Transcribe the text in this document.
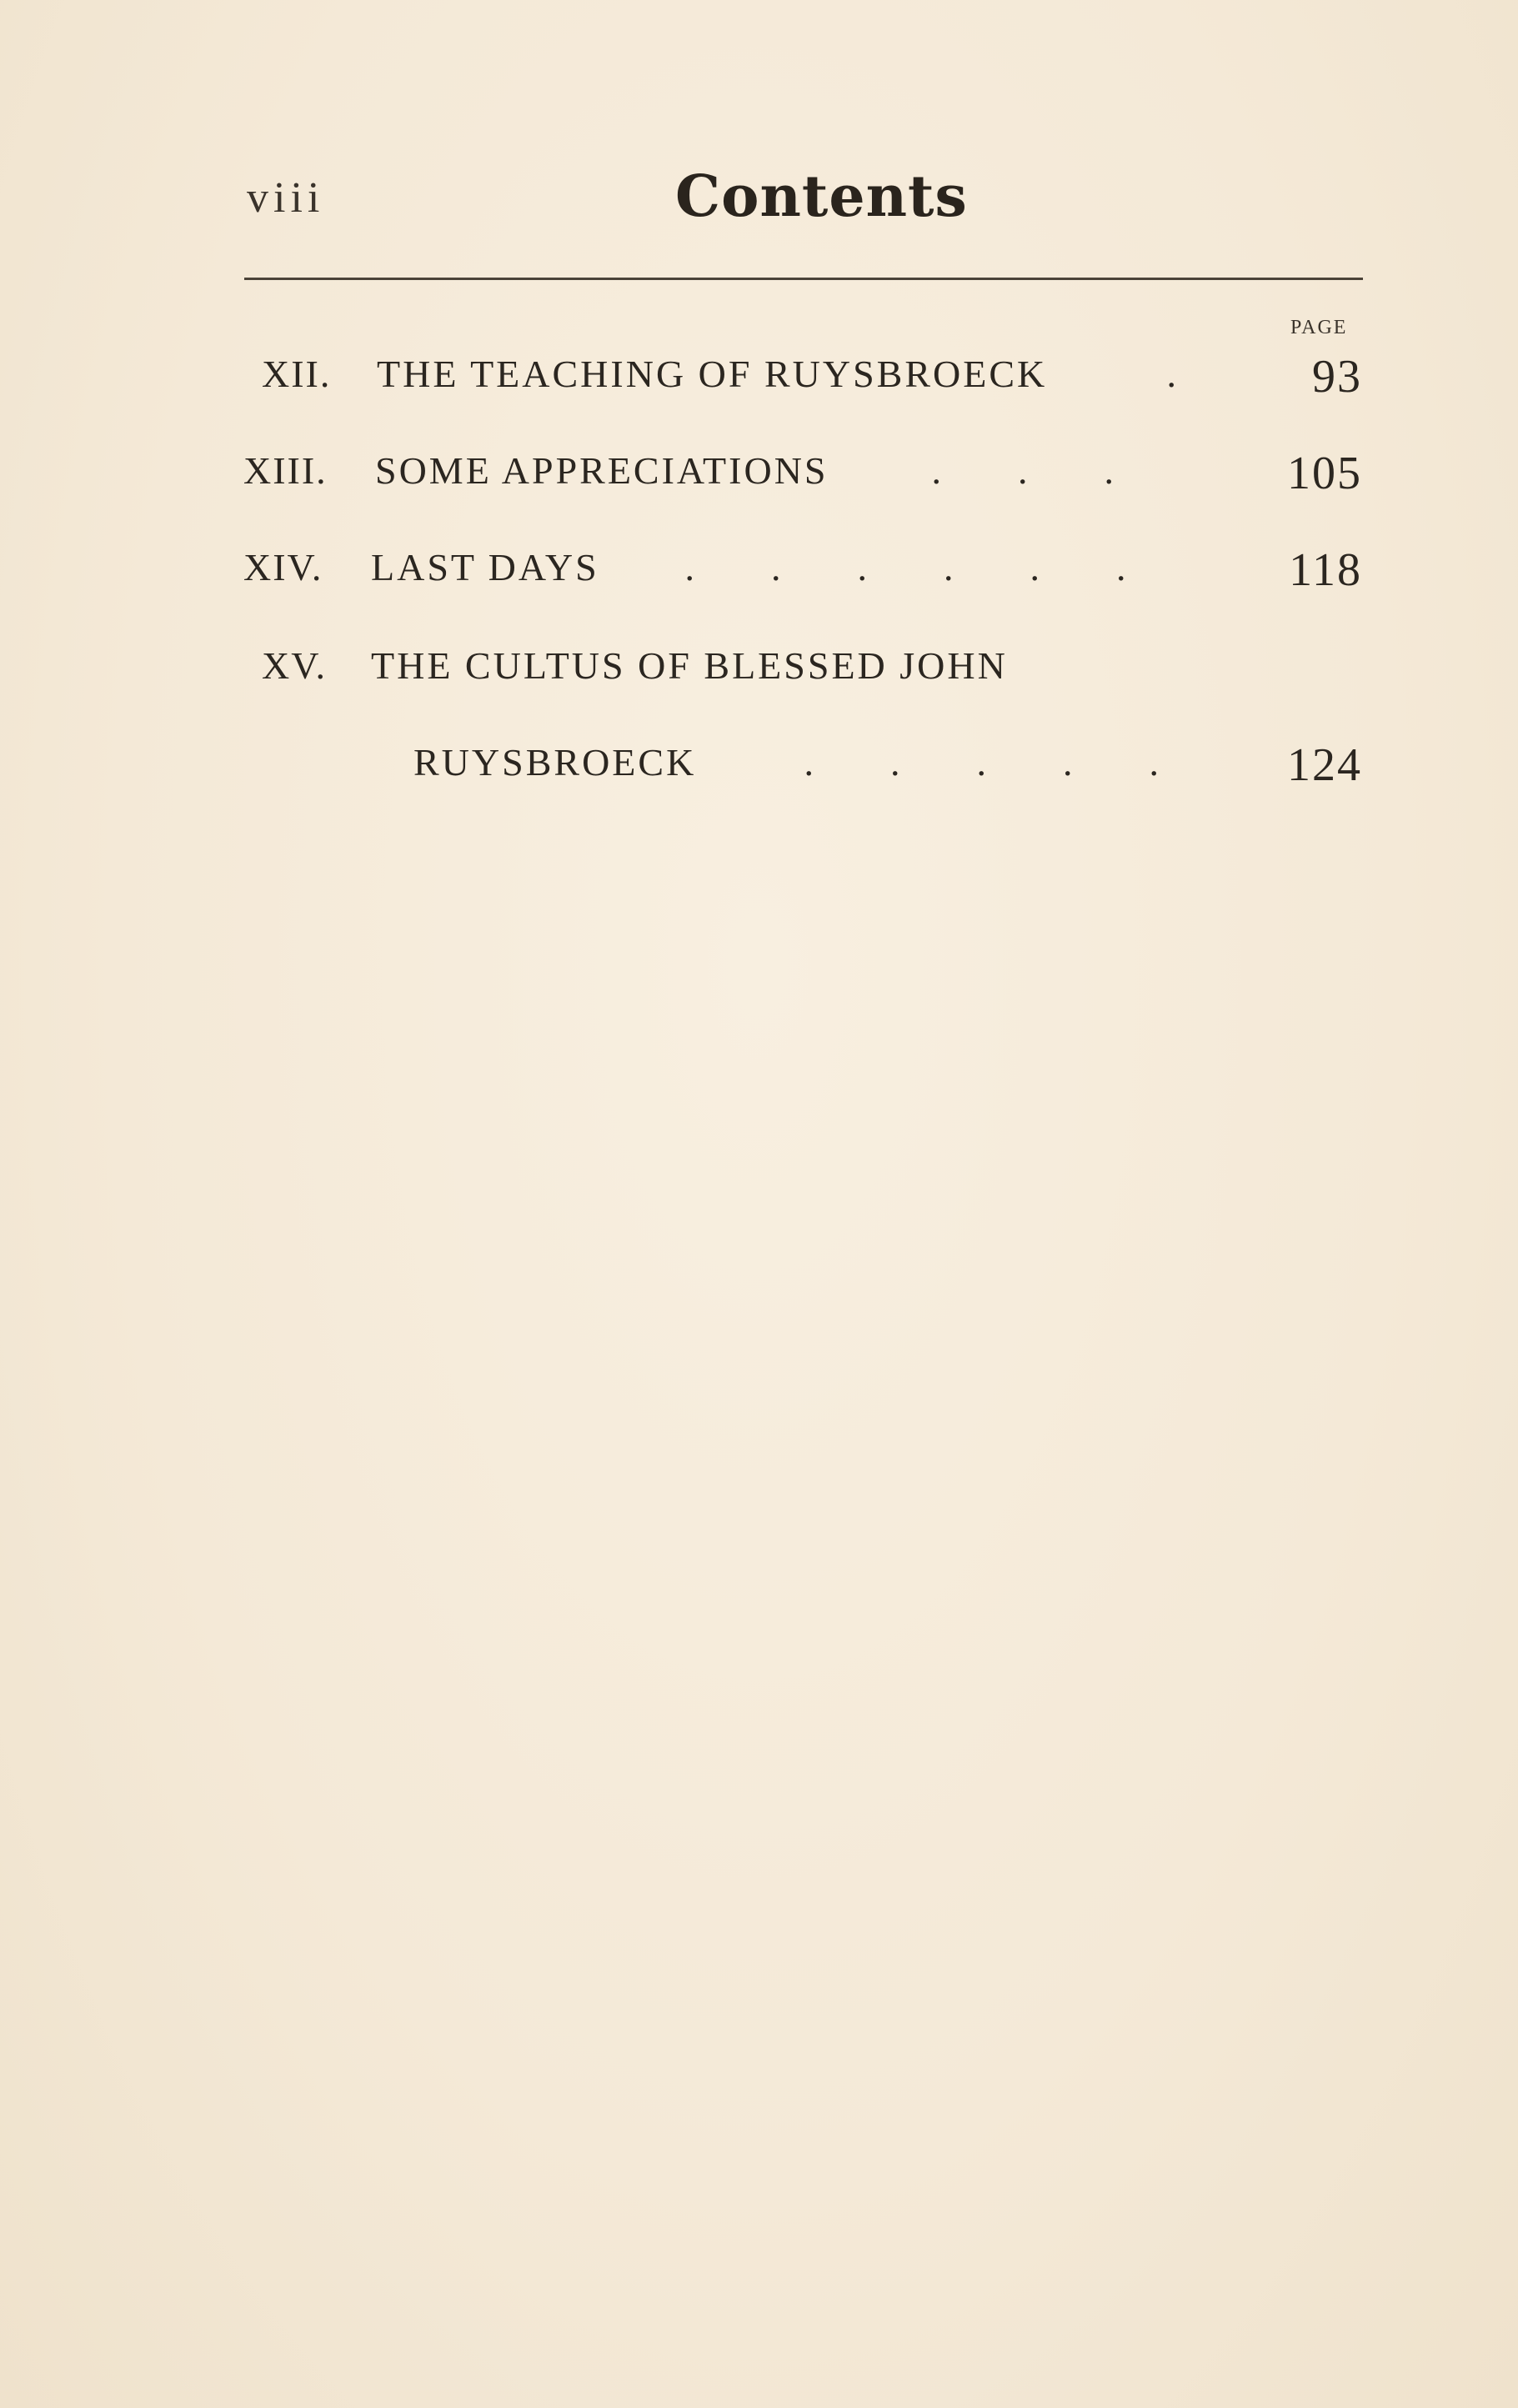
viii	Contents
PAGE
XII. THE TEACHING OF RUYSBROECK	.	93
XIII. SOME APPRECIATIONS .        .        .	105
XIV. LAST DAYS .        .        .        .        .        .	118
XV. THE CULTUS OF BLESSED JOHN
RUYSBROECK .        .        .        .        .	124
